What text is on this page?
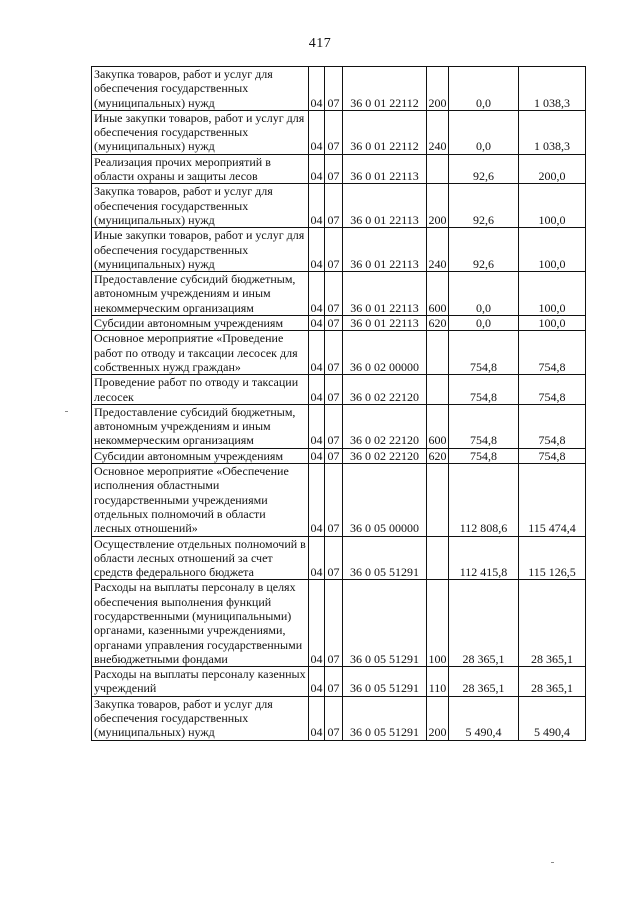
417
Закупка товаров, работ и услуг для обеспечения государственных (муниципальных) нужд	04	07	36 0 01 22112	200	0,0	1 038,3
Иные закупки товаров, работ и услуг для обеспечения государственных (муниципальных) нужд	04	07	36 0 01 22112	240	0,0	1 038,3
Реализация прочих мероприятий в области охраны и защиты лесов	04	07	36 0 01 22113		92,6	200,0
Закупка товаров, работ и услуг для обеспечения государственных (муниципальных) нужд	04	07	36 0 01 22113	200	92,6	100,0
Иные закупки товаров, работ и услуг для обеспечения государственных (муниципальных) нужд	04	07	36 0 01 22113	240	92,6	100,0
Предоставление субсидий бюджетным, автономным учреждениям и иным некоммерческим организациям	04	07	36 0 01 22113	600	0,0	100,0
Субсидии автономным учреждениям	04	07	36 0 01 22113	620	0,0	100,0
Основное мероприятие «Проведение работ по отводу и таксации лесосек для собственных нужд граждан»	04	07	36 0 02 00000		754,8	754,8
Проведение работ по отводу и таксации лесосек	04	07	36 0 02 22120		754,8	754,8
Предоставление субсидий бюджетным, автономным учреждениям и иным некоммерческим организациям	04	07	36 0 02 22120	600	754,8	754,8
Субсидии автономным учреждениям	04	07	36 0 02 22120	620	754,8	754,8
Основное мероприятие «Обеспечение исполнения областными государственными учреждениями отдельных полномочий в области лесных отношений»	04	07	36 0 05 00000		112 808,6	115 474,4
Осуществление отдельных полномочий в области лесных отношений за счет средств федерального бюджета	04	07	36 0 05 51291		112 415,8	115 126,5
Расходы на выплаты персоналу в целях обеспечения выполнения функций государственными (муниципальными) органами, казенными учреждениями, органами управления государственными внебюджетными фондами	04	07	36 0 05 51291	100	28 365,1	28 365,1
Расходы на выплаты персоналу казенных учреждений	04	07	36 0 05 51291	110	28 365,1	28 365,1
Закупка товаров, работ и услуг для обеспечения государственных (муниципальных) нужд	04	07	36 0 05 51291	200	5 490,4	5 490,4
